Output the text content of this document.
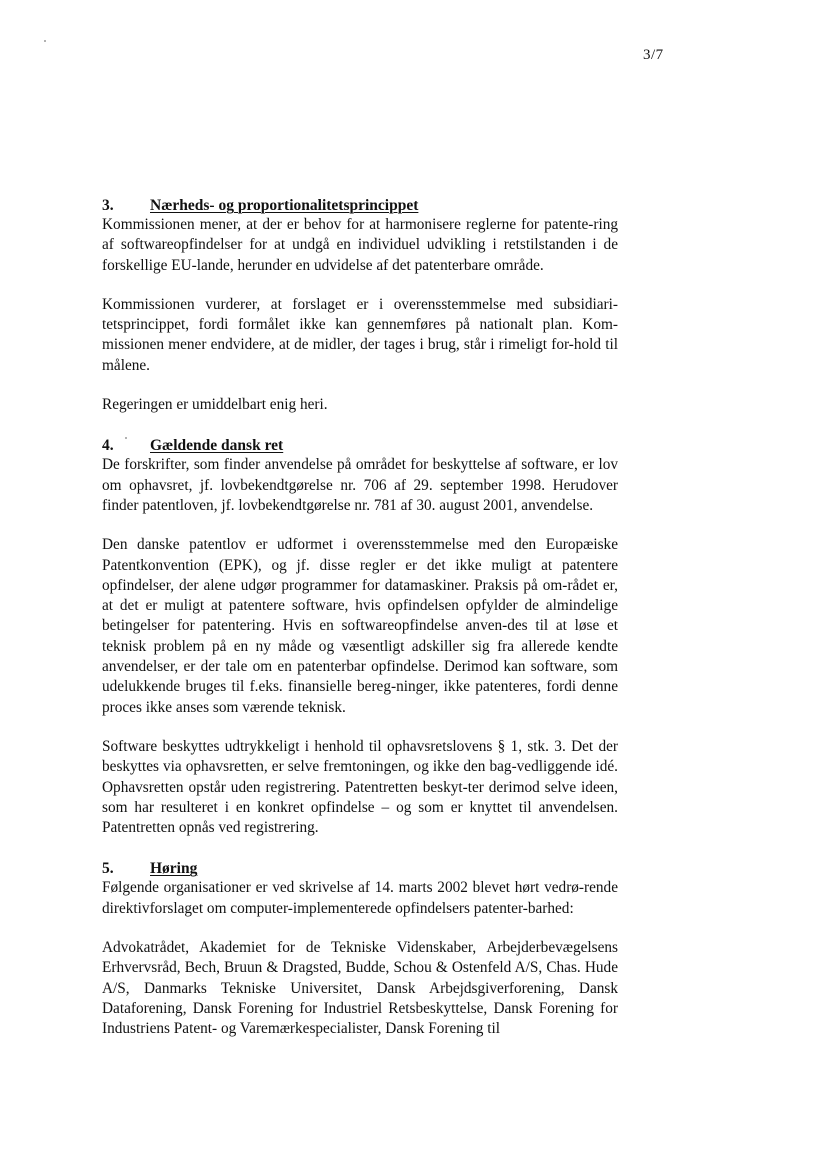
3/7
3.	Nærheds- og proportionalitetsprincippet

Kommissionen mener, at der er behov for at harmonisere reglerne for patente-ring af softwareopfindelser for at undgå en individuel udvikling i retstilstanden i de forskellige EU-lande, herunder en udvidelse af det patenterbare område.

Kommissionen vurderer, at forslaget er i overensstemmelse med subsidiari-tetsprincippet, fordi formålet ikke kan gennemføres på nationalt plan. Kom-missionen mener endvidere, at de midler, der tages i brug, står i rimeligt for-hold til målene.

Regeringen er umiddelbart enig heri.

4.	Gældende dansk ret

De forskrifter, som finder anvendelse på området for beskyttelse af software, er lov om ophavsret, jf. lovbekendtgørelse nr. 706 af 29. september 1998. Herudover finder patentloven, jf. lovbekendtgørelse nr. 781 af 30. august 2001, anvendelse.

Den danske patentlov er udformet i overensstemmelse med den Europæiske Patentkonvention (EPK), og jf. disse regler er det ikke muligt at patentere opfindelser, der alene udgør programmer for datamaskiner. Praksis på om-rådet er, at det er muligt at patentere software, hvis opfindelsen opfylder de almindelige betingelser for patentering. Hvis en softwareopfindelse anven-des til at løse et teknisk problem på en ny måde og væsentligt adskiller sig fra allerede kendte anvendelser, er der tale om en patenterbar opfindelse. Derimod kan software, som udelukkende bruges til f.eks. finansielle bereg-ninger, ikke patenteres, fordi denne proces ikke anses som værende teknisk.

Software beskyttes udtrykkeligt i henhold til ophavsretslovens § 1, stk. 3. Det der beskyttes via ophavsretten, er selve fremtoningen, og ikke den bag-vedliggende idé. Ophavsretten opstår uden registrering. Patentretten beskyt-ter derimod selve ideen, som har resulteret i en konkret opfindelse – og som er knyttet til anvendelsen. Patentretten opnås ved registrering.

5.	Høring

Følgende organisationer er ved skrivelse af 14. marts 2002 blevet hørt vedrø-rende direktivforslaget om computer-implementerede opfindelsers patenter-barhed:

Advokatrådet, Akademiet for de Tekniske Videnskaber, Arbejderbevægelsens Erhvervsråd, Bech, Bruun & Dragsted, Budde, Schou & Ostenfeld A/S, Chas. Hude A/S, Danmarks Tekniske Universitet, Dansk Arbejdsgiverforening, Dansk Dataforening, Dansk Forening for Industriel Retsbeskyttelse, Dansk Forening for Industriens Patent- og Varemærkespecialister, Dansk Forening til
